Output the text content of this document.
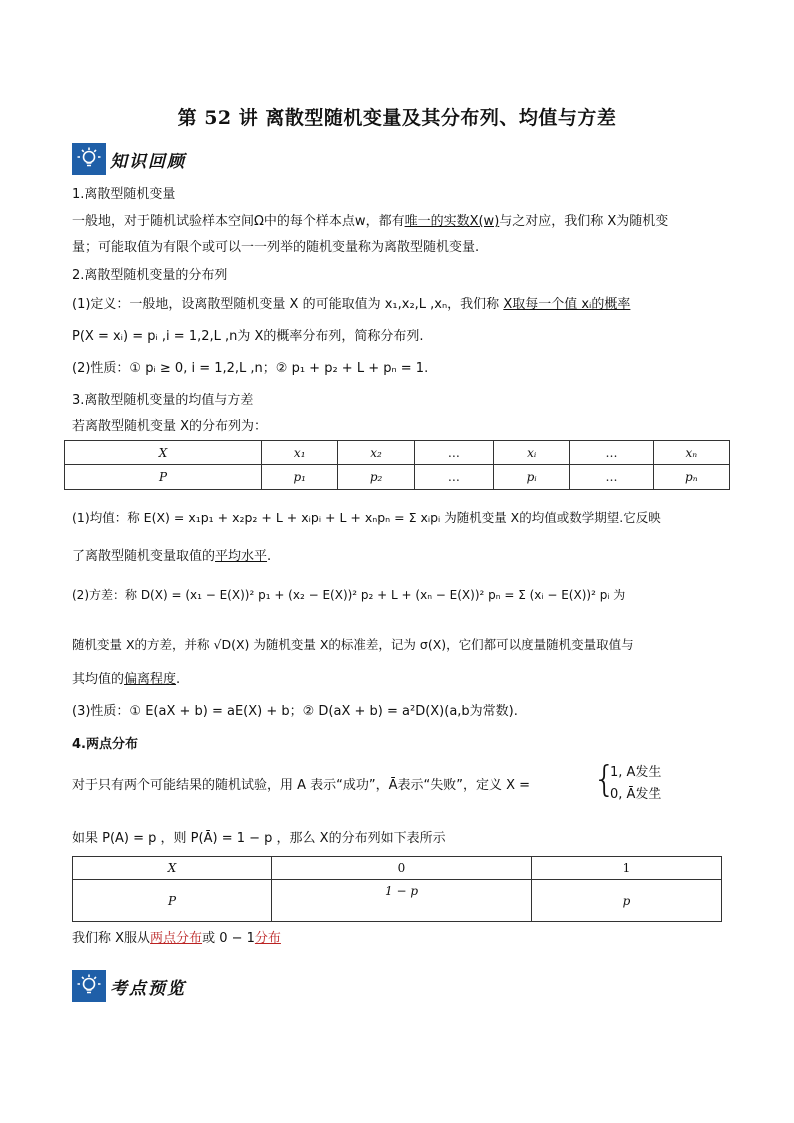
第 52 讲 离散型随机变量及其分布列、均值与方差
知识回顾
1.离散型随机变量
一般地，对于随机试验样本空间Ω中的每个样本点w，都有唯一的实数X(w)与之对应，我们称 X为随机变
量；可能取值为有限个或可以一一列举的随机变量称为离散型随机变量.
2.离散型随机变量的分布列
(1)定义：一般地，设离散型随机变量 X 的可能取值为 x₁,x₂,L ,xₙ，我们称 X取每一个值 xᵢ的概率
P(X = xᵢ) = pᵢ ,i = 1,2,L ,n为 X的概率分布列，简称分布列.
(2)性质：① pᵢ ≥ 0, i = 1,2,L ,n；② p₁ + p₂ + L + pₙ = 1.
3.离散型随机变量的均值与方差
若离散型随机变量 X的分布列为：
X	x₁	x₂	…	xᵢ	…	xₙ
P	p₁	p₂	…	pᵢ	…	pₙ
(1)均值：称 E(X) = x₁p₁ + x₂p₂ + L + xᵢpᵢ + L + xₙpₙ = Σ xᵢpᵢ 为随机变量 X的均值或数学期望.它反映
了离散型随机变量取值的平均水平.
(2)方差：称 D(X) = (x₁ − E(X))² p₁ + (x₂ − E(X))² p₂ + L + (xₙ − E(X))² pₙ = Σ (xᵢ − E(X))² pᵢ 为
随机变量 X的方差，并称 √D(X) 为随机变量 X的标准差，记为 σ(X)，它们都可以度量随机变量取值与
其均值的偏离程度.
(3)性质：① E(aX + b) = aE(X) + b；② D(aX + b) = a²D(X)(a,b为常数).
4.两点分布
对于只有两个可能结果的随机试验，用 A 表示“成功”，Ā表示“失败”，定义 X = {
1, A发生
0, Ā发生
，
如果 P(A) = p ，则 P(Ā) = 1 − p ，那么 X的分布列如下表所示
X	0	1
P	1 − p	p
我们称 X服从两点分布或 0 − 1分布
考点预览
